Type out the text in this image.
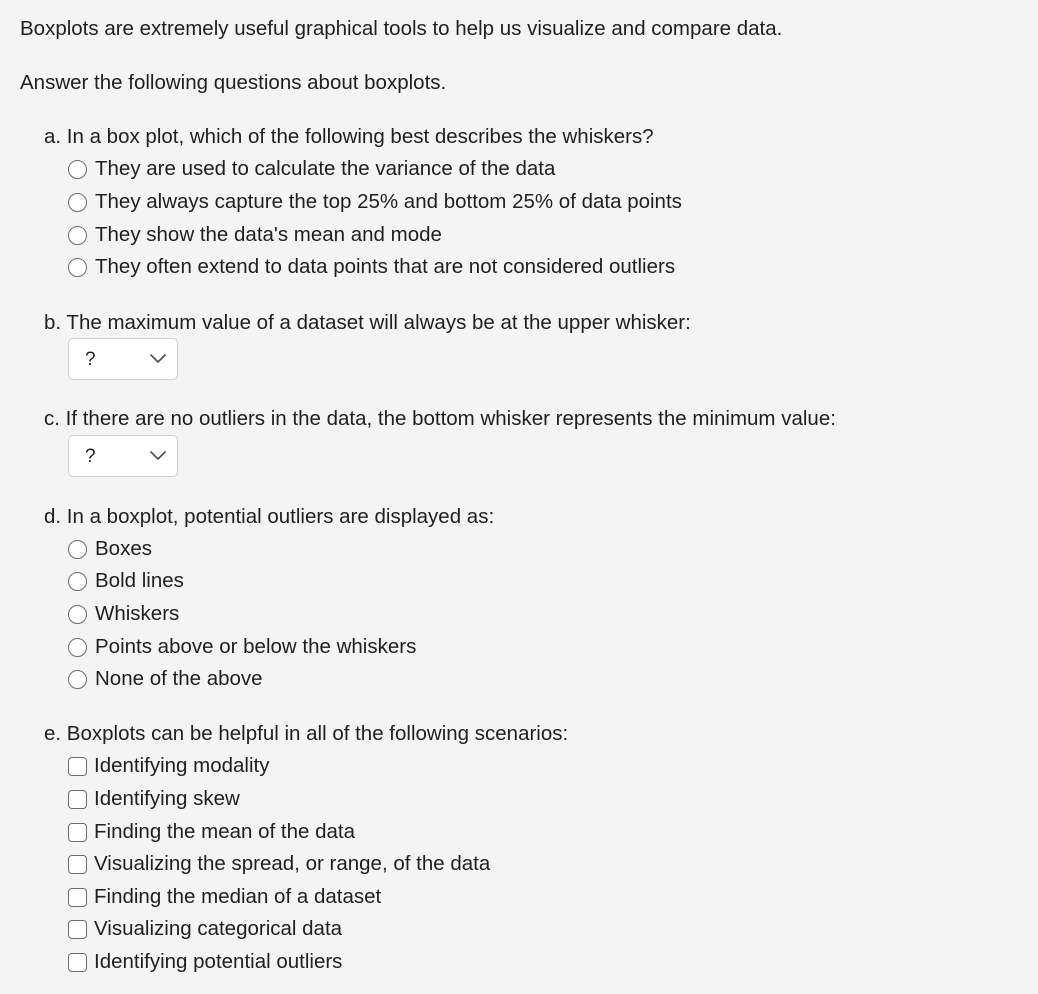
Boxplots are extremely useful graphical tools to help us visualize and compare data.

Answer the following questions about boxplots.

a. In a box plot, which of the following best describes the whiskers?

They are used to calculate the variance of the data
They always capture the top 25% and bottom 25% of data points
They show the data's mean and mode
They often extend to data points that are not considered outliers

b. The maximum value of a dataset will always be at the upper whisker:

?

c. If there are no outliers in the data, the bottom whisker represents the minimum value:

?

d. In a boxplot, potential outliers are displayed as:

Boxes
Bold lines
Whiskers
Points above or below the whiskers
None of the above

e. Boxplots can be helpful in all of the following scenarios:

Identifying modality
Identifying skew
Finding the mean of the data
Visualizing the spread, or range, of the data
Finding the median of a dataset
Visualizing categorical data
Identifying potential outliers
